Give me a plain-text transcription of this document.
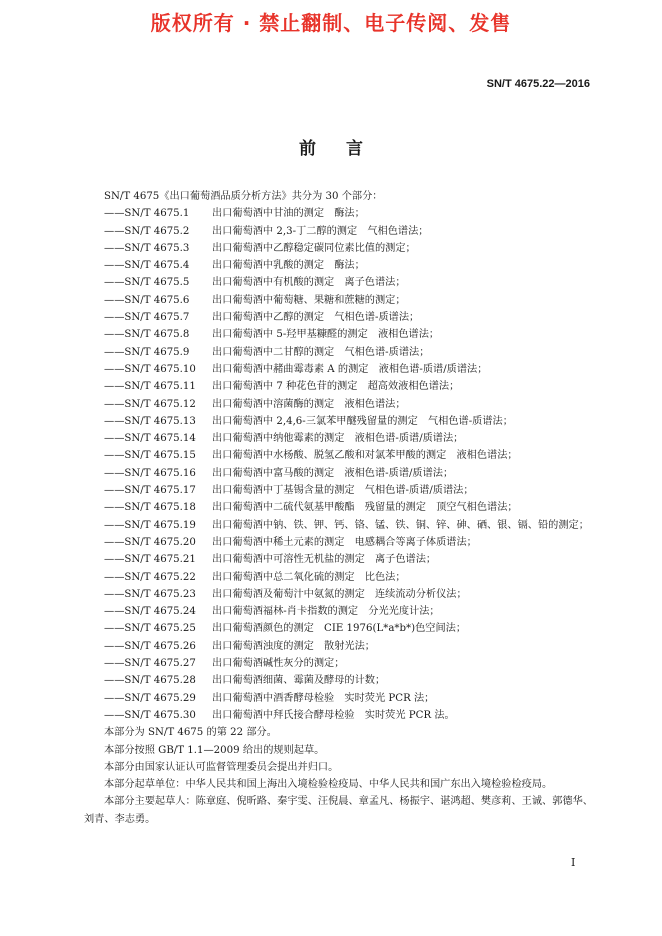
版权所有 · 禁止翻制、电子传阅、发售
SN/T 4675.22—2016
前言

SN/T 4675《出口葡萄酒品质分析方法》共分为 30 个部分：

——SN/T 4675.1	出口葡萄酒中甘油的测定　酶法；
——SN/T 4675.2	出口葡萄酒中 2,3-丁二醇的测定　气相色谱法；
——SN/T 4675.3	出口葡萄酒中乙醇稳定碳同位素比值的测定；
——SN/T 4675.4	出口葡萄酒中乳酸的测定　酶法；
——SN/T 4675.5	出口葡萄酒中有机酸的测定　离子色谱法；
——SN/T 4675.6	出口葡萄酒中葡萄糖、果糖和蔗糖的测定；
——SN/T 4675.7	出口葡萄酒中乙醇的测定　气相色谱-质谱法；
——SN/T 4675.8	出口葡萄酒中 5-羟甲基糠醛的测定　液相色谱法；
——SN/T 4675.9	出口葡萄酒中二甘醇的测定　气相色谱-质谱法；
——SN/T 4675.10	出口葡萄酒中赭曲霉毒素 A 的测定　液相色谱-质谱/质谱法；
——SN/T 4675.11	出口葡萄酒中 7 种花色苷的测定　超高效液相色谱法；
——SN/T 4675.12	出口葡萄酒中溶菌酶的测定　液相色谱法；
——SN/T 4675.13	出口葡萄酒中 2,4,6-三氯苯甲醚残留量的测定　气相色谱-质谱法；
——SN/T 4675.14	出口葡萄酒中纳他霉素的测定　液相色谱-质谱/质谱法；
——SN/T 4675.15	出口葡萄酒中水杨酸、脱氢乙酸和对氯苯甲酸的测定　液相色谱法；
——SN/T 4675.16	出口葡萄酒中富马酸的测定　液相色谱-质谱/质谱法；
——SN/T 4675.17	出口葡萄酒中丁基锡含量的测定　气相色谱-质谱/质谱法；
——SN/T 4675.18	出口葡萄酒中二硫代氨基甲酸酯　残留量的测定　顶空气相色谱法；
——SN/T 4675.19	出口葡萄酒中钠、铁、钾、钙、铬、锰、铁、铜、锌、砷、硒、银、镉、铅的测定；
——SN/T 4675.20	出口葡萄酒中稀土元素的测定　电感耦合等离子体质谱法；
——SN/T 4675.21	出口葡萄酒中可溶性无机盐的测定　离子色谱法；
——SN/T 4675.22	出口葡萄酒中总二氧化硫的测定　比色法；
——SN/T 4675.23	出口葡萄酒及葡萄汁中氨氮的测定　连续流动分析仪法；
——SN/T 4675.24	出口葡萄酒福林-肖卡指数的测定　分光光度计法；
——SN/T 4675.25	出口葡萄酒颜色的测定　CIE 1976(L*a*b*)色空间法；
——SN/T 4675.26	出口葡萄酒浊度的测定　散射光法；
——SN/T 4675.27	出口葡萄酒碱性灰分的测定；
——SN/T 4675.28	出口葡萄酒细菌、霉菌及酵母的计数；
——SN/T 4675.29	出口葡萄酒中酒香酵母检验　实时荧光 PCR 法；
——SN/T 4675.30	出口葡萄酒中拜氏接合酵母检验　实时荧光 PCR 法。

本部分为 SN/T 4675 的第 22 部分。

本部分按照 GB/T 1.1—2009 给出的规则起草。

本部分由国家认证认可监督管理委员会提出并归口。

本部分起草单位：中华人民共和国上海出入境检验检疫局、中华人民共和国广东出入境检验检疫局。

本部分主要起草人：陈章庭、倪昕路、秦宇雯、汪倪晨、章孟凡、杨振宇、谌鸿超、樊彦莉、王诚、郭德华、刘青、李志勇。

I
